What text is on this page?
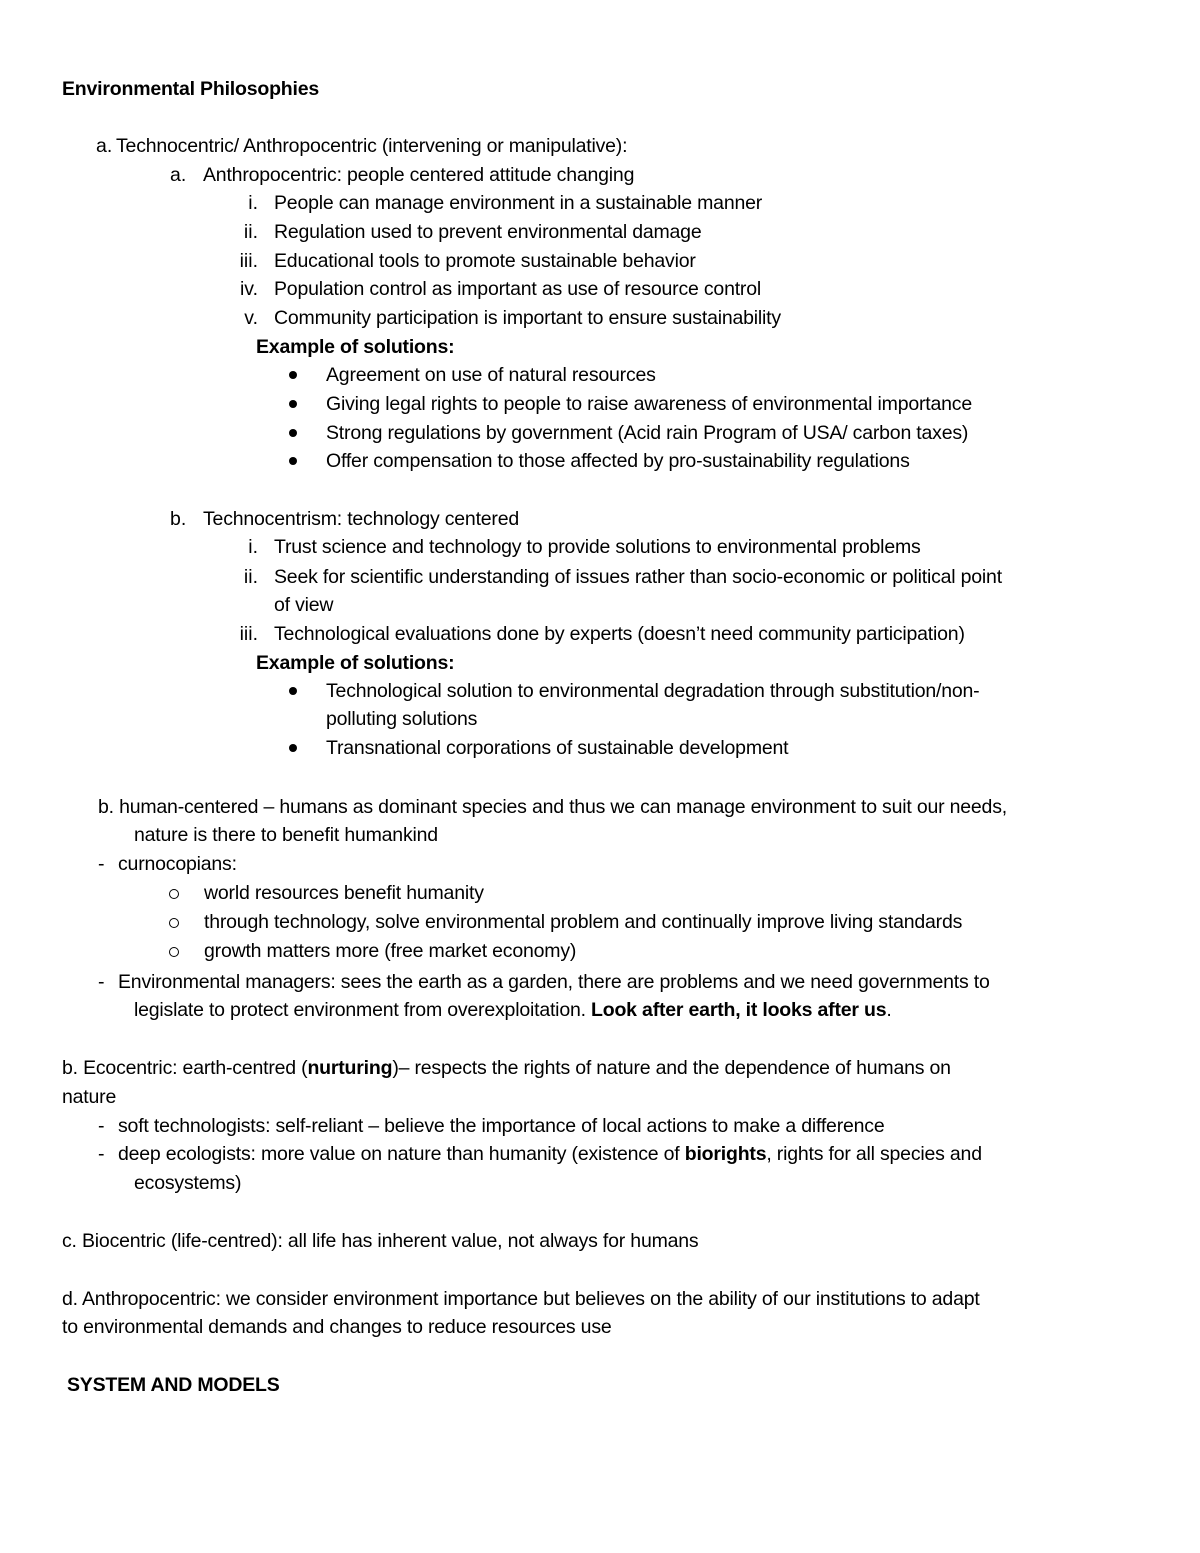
Environmental Philosophies
a. Technocentric/ Anthropocentric (intervening or manipulative):
a. Anthropocentric: people centered attitude changing
i. People can manage environment in a sustainable manner
ii. Regulation used to prevent environmental damage
iii. Educational tools to promote sustainable behavior
iv. Population control as important as use of resource control
v. Community participation is important to ensure sustainability
Example of solutions:
Agreement on use of natural resources
Giving legal rights to people to raise awareness of environmental importance
Strong regulations by government (Acid rain Program of USA/ carbon taxes)
Offer compensation to those affected by pro-sustainability regulations
b. Technocentrism: technology centered
i. Trust science and technology to provide solutions to environmental problems
ii. Seek for scientific understanding of issues rather than socio-economic or political point
of view
iii. Technological evaluations done by experts (doesn’t need community participation)
Example of solutions:
Technological solution to environmental degradation through substitution/non-
polluting solutions
Transnational corporations of sustainable development
b. human-centered – humans as dominant species and thus we can manage environment to suit our needs,
nature is there to benefit humankind
- curnocopians:
world resources benefit humanity
through technology, solve environmental problem and continually improve living standards
growth matters more (free market economy)
- Environmental managers: sees the earth as a garden, there are problems and we need governments to
legislate to protect environment from overexploitation. Look after earth, it looks after us.
b. Ecocentric: earth-centred (nurturing)– respects the rights of nature and the dependence of humans on
nature
- soft technologists: self-reliant – believe the importance of local actions to make a difference
- deep ecologists: more value on nature than humanity (existence of biorights, rights for all species and
ecosystems)
c. Biocentric (life-centred): all life has inherent value, not always for humans
d. Anthropocentric: we consider environment importance but believes on the ability of our institutions to adapt
to environmental demands and changes to reduce resources use
SYSTEM AND MODELS
